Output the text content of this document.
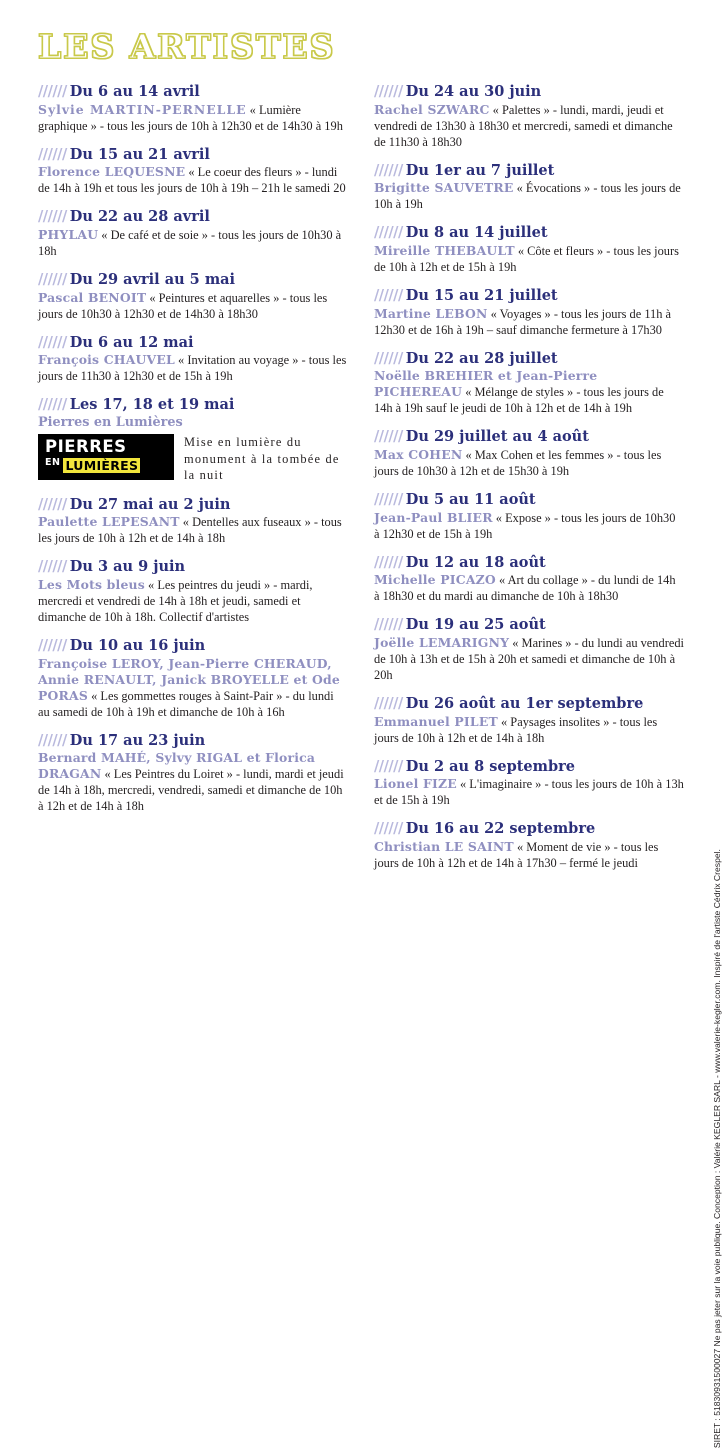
LES ARTISTES

////// Du 6 au 14 avril

Sylvie MARTIN-PERNELLE « Lumière graphique » - tous les jours de 10h à 12h30 et de 14h30 à 19h

////// Du 15 au 21 avril

Florence LEQUESNE « Le coeur des fleurs » - lundi de 14h à 19h et tous les jours de 10h à 19h – 21h le samedi 20

////// Du 22 au 28 avril

PHYLAU « De café et de soie » - tous les jours de 10h30 à 18h

////// Du 29 avril au 5 mai

Pascal BENOIT « Peintures et aquarelles » - tous les jours de 10h30 à 12h30 et de 14h30 à 18h30

////// Du 6 au 12 mai

François CHAUVEL « Invitation au voyage » - tous les jours de 11h30 à 12h30 et de 15h à 19h

////// Les 17, 18 et 19 mai

Pierres en Lumières

PIERRES
EN LUMIÈRES
Mise en lumière du monument à la tombée de la nuit

////// Du 27 mai au 2 juin

Paulette LEPESANT « Dentelles aux fuseaux » - tous les jours de 10h à 12h et de 14h à 18h

////// Du 3 au 9 juin

Les Mots bleus « Les peintres du jeudi » - mardi, mercredi et vendredi de 14h à 18h et jeudi, samedi et dimanche de 10h à 18h. Collectif d'artistes

////// Du 10 au 16 juin

Françoise LEROY, Jean-Pierre CHERAUD, Annie RENAULT, Janick BROYELLE et Ode PORAS « Les gommettes rouges à Saint-Pair » - du lundi au samedi de 10h à 19h et dimanche de 10h à 16h

////// Du 17 au 23 juin

Bernard MAHÉ, Sylvy RIGAL et Florica DRAGAN « Les Peintres du Loiret » - lundi, mardi et jeudi de 14h à 18h, mercredi, vendredi, samedi et dimanche de 10h à 12h et de 14h à 18h

////// Du 24 au 30 juin

Rachel SZWARC « Palettes » - lundi, mardi, jeudi et vendredi de 13h30 à 18h30 et mercredi, samedi et dimanche de 11h30 à 18h30

////// Du 1er au 7 juillet

Brigitte SAUVETRE « Évocations » - tous les jours de 10h à 19h

////// Du 8 au 14 juillet

Mireille THEBAULT « Côte et fleurs » - tous les jours de 10h à 12h et de 15h à 19h

////// Du 15 au 21 juillet

Martine LEBON « Voyages » - tous les jours de 11h à 12h30 et de 16h à 19h – sauf dimanche fermeture à 17h30

////// Du 22 au 28 juillet

Noëlle BREHIER et Jean-Pierre PICHEREAU « Mélange de styles » - tous les jours de 14h à 19h sauf le jeudi de 10h à 12h et de 14h à 19h

////// Du 29 juillet au 4 août

Max COHEN « Max Cohen et les femmes » - tous les jours de 10h30 à 12h et de 15h30 à 19h

////// Du 5 au 11 août

Jean-Paul BLIER « Expose » - tous les jours de 10h30 à 12h30 et de 15h à 19h

////// Du 12 au 18 août

Michelle PICAZO « Art du collage » - du lundi de 14h à 18h30 et du mardi au dimanche de 10h à 18h30

////// Du 19 au 25 août

Joëlle LEMARIGNY « Marines » - du lundi au vendredi de 10h à 13h et de 15h à 20h et samedi et dimanche de 10h à 20h

////// Du 26 août au 1er septembre

Emmanuel PILET « Paysages insolites » - tous les jours de 10h à 12h et de 14h à 18h

////// Du 2 au 8 septembre

Lionel FIZE « L'imaginaire » - tous les jours de 10h à 13h et de 15h à 19h

////// Du 16 au 22 septembre

Christian LE SAINT « Moment de vie » - tous les jours de 10h à 12h et de 14h à 17h30 – fermé le jeudi	SIRET : 51830931500027 Ne pas jeter sur la voie publique. Conception : Valérie KEGLER SARL - www.valerie-kegler.com. Inspiré de l'artiste Cédrix Crespel.
